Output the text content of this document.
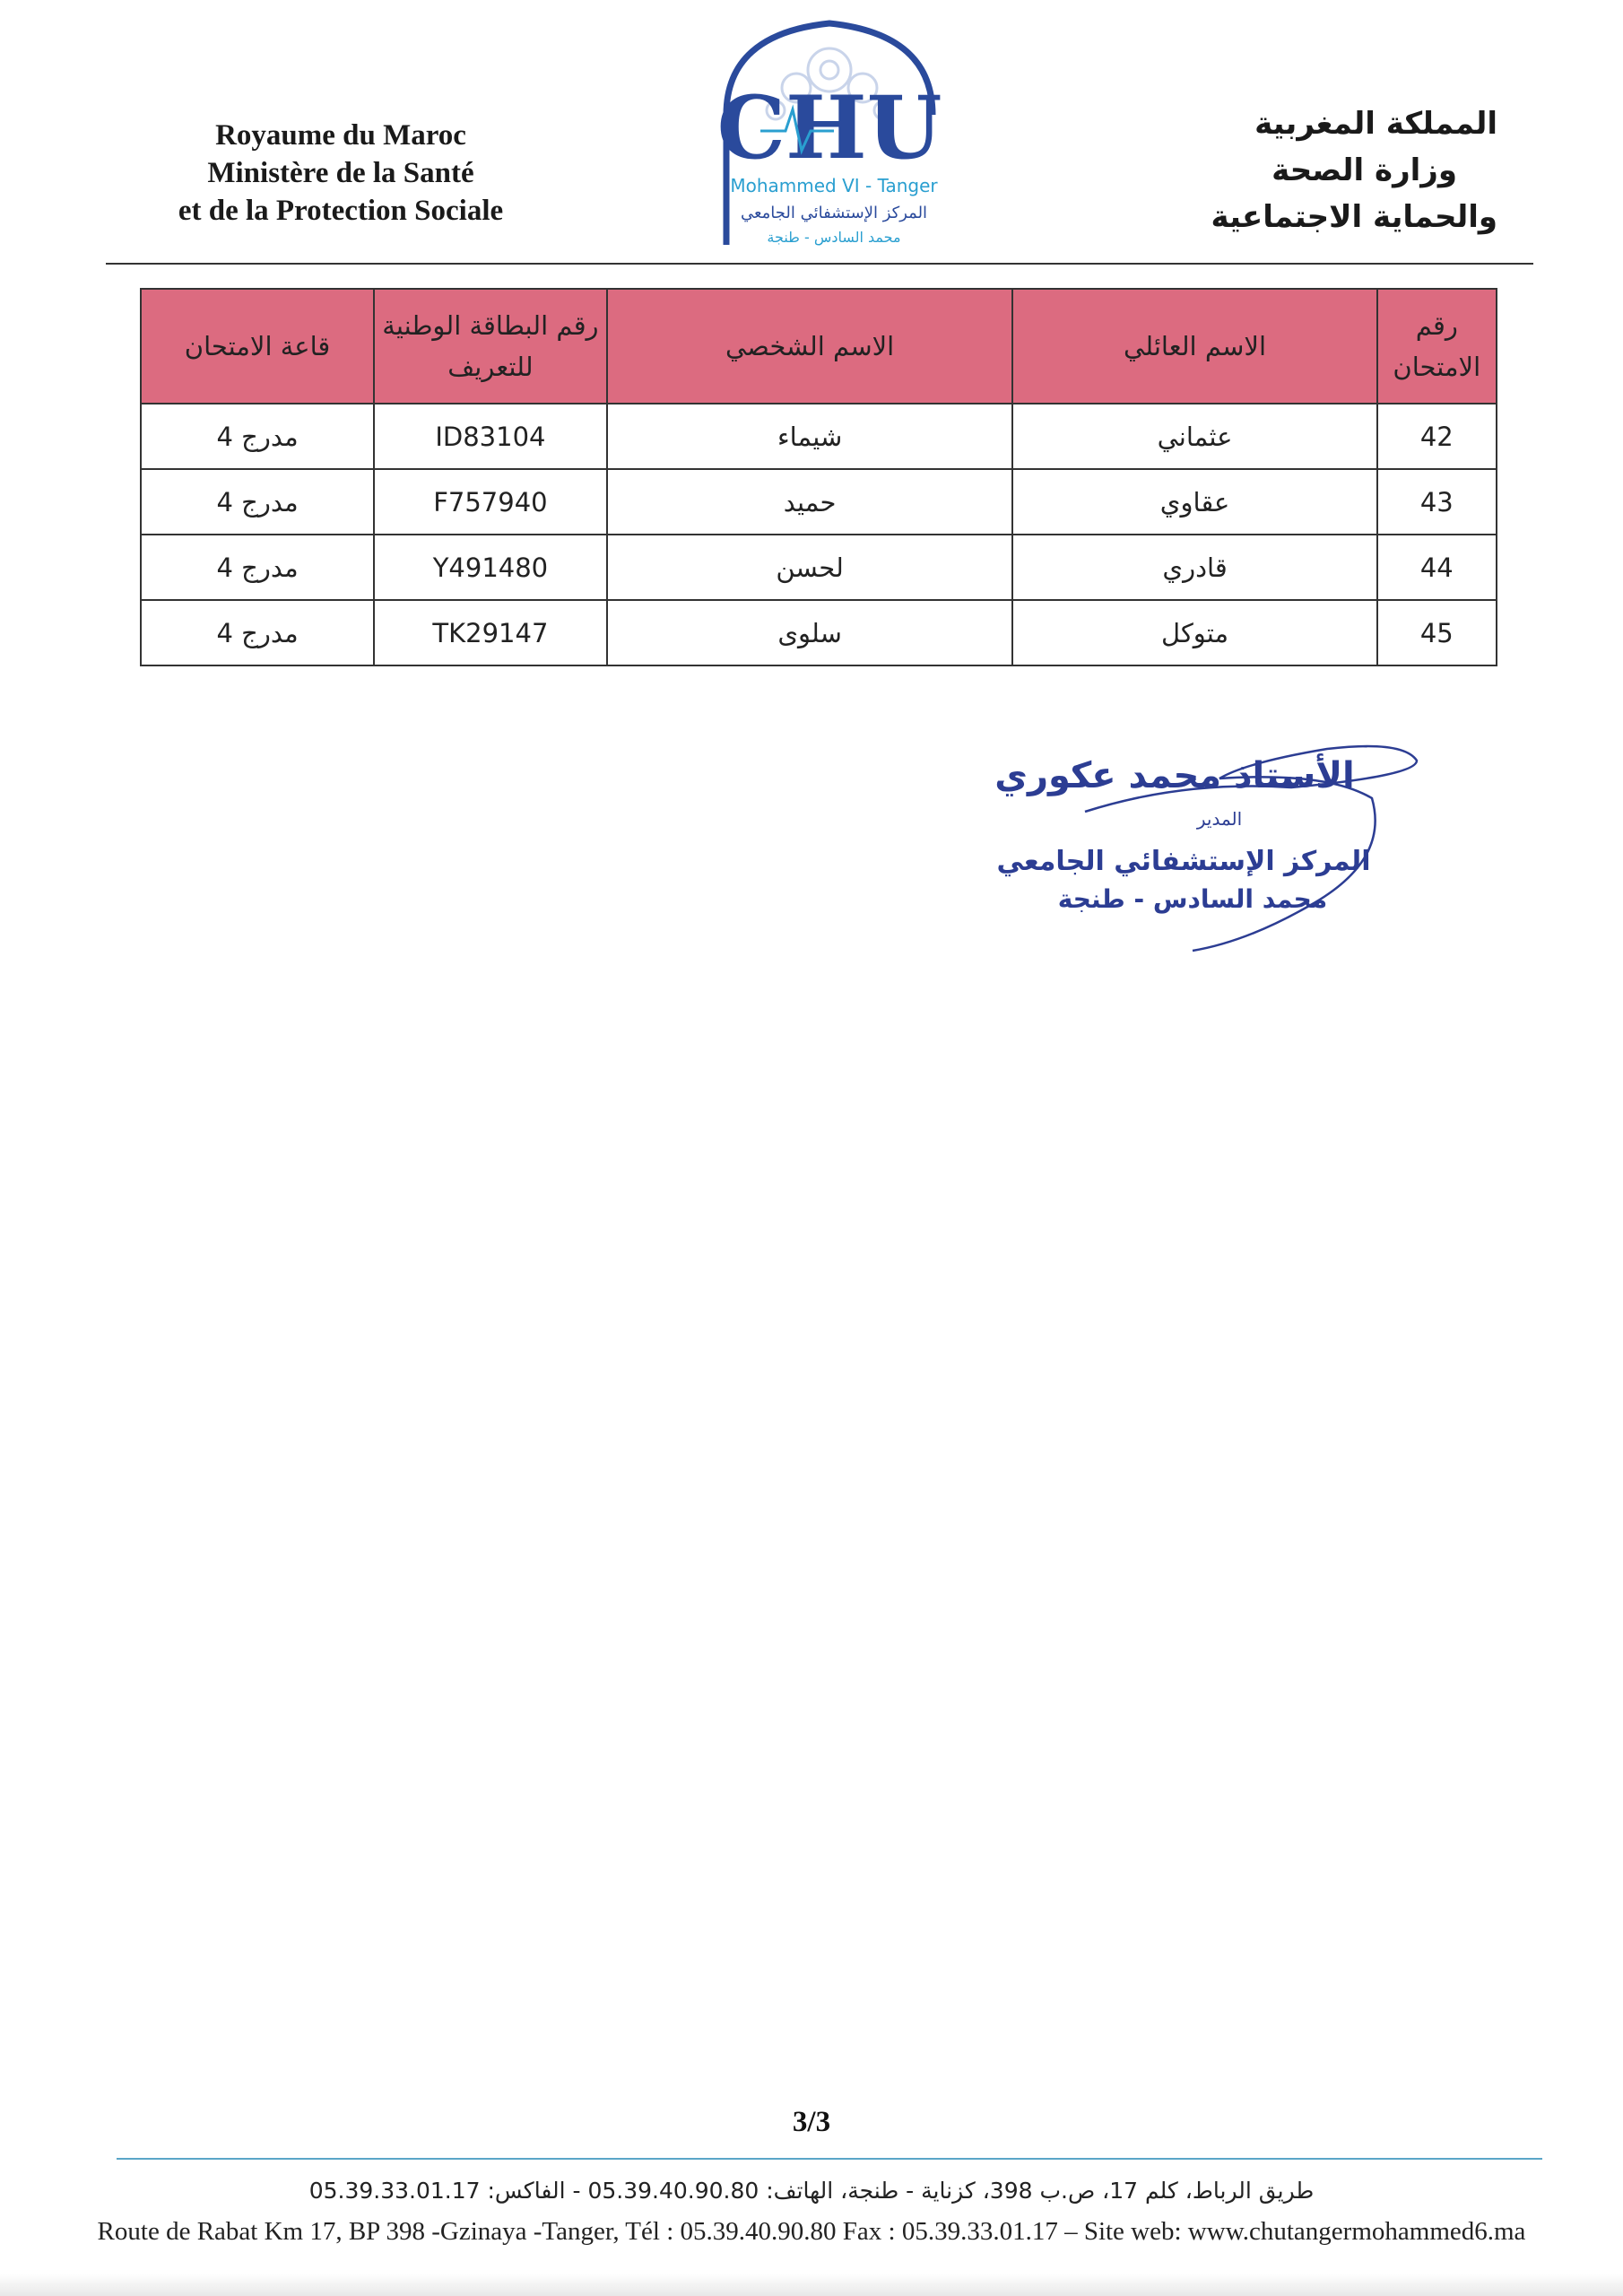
Royaume du Maroc
Ministère de la Santé
et de la Protection Sociale
المملكة المغربية
وزارة الصحة
والحماية الاجتماعية
CHU
Mohammed VI - Tanger
المركز الإستشفائي الجامعي
محمد السادس - طنجة
رقم الامتحان	الاسم العائلي	الاسم الشخصي	رقم البطاقة الوطنية للتعريف	قاعة الامتحان
42	عثماني	شيماء	ID83104	مدرج 4
43	عقاوي	حميد	F757940	مدرج 4
44	قادري	لحسن	Y491480	مدرج 4
45	متوكل	سلوى	TK29147	مدرج 4
الأستاذ محمد عكوري
المدير
المركز الإستشفائي الجامعي
محمد السادس - طنجة
3/3
طريق الرباط، كلم 17، ص.ب 398، كزناية - طنجة، الهاتف: 05.39.40.90.80 - الفاكس: 05.39.33.01.17
Route de Rabat Km 17, BP 398 -Gzinaya -Tanger, Tél : 05.39.40.90.80 Fax : 05.39.33.01.17 – Site web: www.chutangermohammed6.ma
